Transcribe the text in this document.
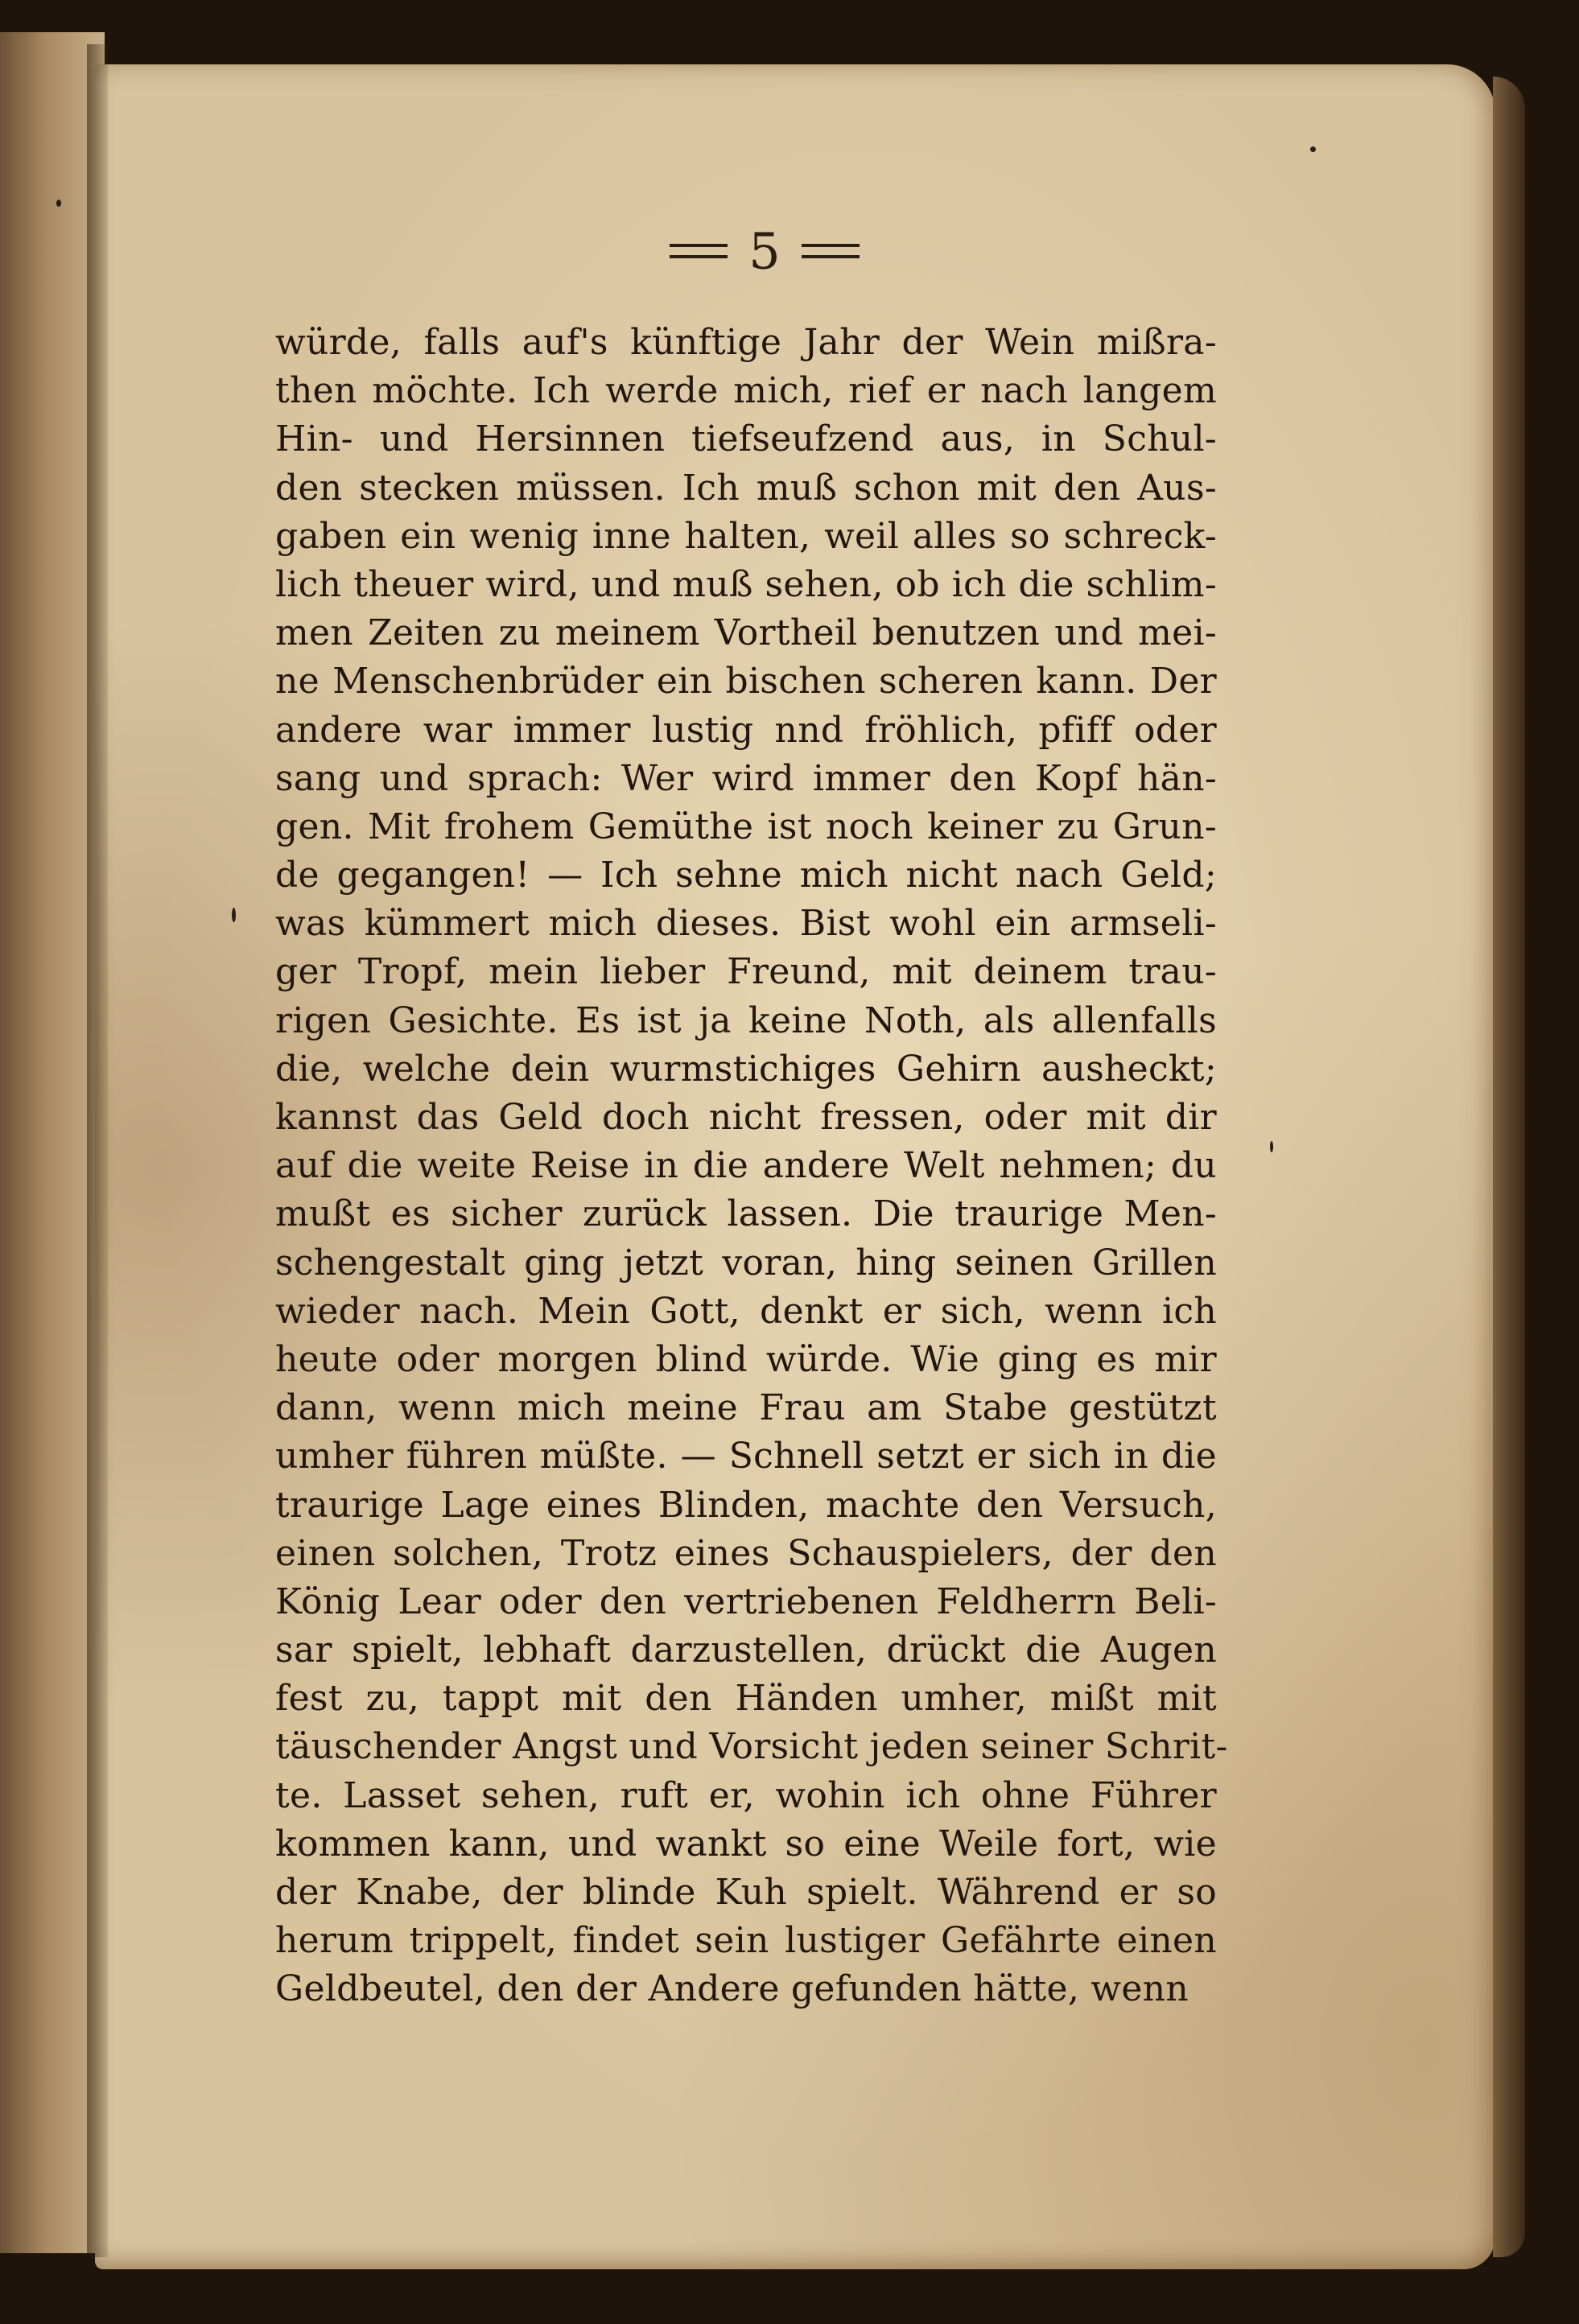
5
würde, falls auf's künftige Jahr der Wein mißra-
then möchte. Ich werde mich, rief er nach langem
Hin- und Hersinnen tiefseufzend aus, in Schul-
den stecken müssen. Ich muß schon mit den Aus-
gaben ein wenig inne halten, weil alles so schreck-
lich theuer wird, und muß sehen, ob ich die schlim-
men Zeiten zu meinem Vortheil benutzen und mei-
ne Menschenbrüder ein bischen scheren kann. Der
andere war immer lustig nnd fröhlich, pfiff oder
sang und sprach: Wer wird immer den Kopf hän-
gen. Mit frohem Gemüthe ist noch keiner zu Grun-
de gegangen! — Ich sehne mich nicht nach Geld;
was kümmert mich dieses. Bist wohl ein armseli-
ger Tropf, mein lieber Freund, mit deinem trau-
rigen Gesichte. Es ist ja keine Noth, als allenfalls
die, welche dein wurmstichiges Gehirn ausheckt;
kannst das Geld doch nicht fressen, oder mit dir
auf die weite Reise in die andere Welt nehmen; du
mußt es sicher zurück lassen. Die traurige Men-
schengestalt ging jetzt voran, hing seinen Grillen
wieder nach. Mein Gott, denkt er sich, wenn ich
heute oder morgen blind würde. Wie ging es mir
dann, wenn mich meine Frau am Stabe gestützt
umher führen müßte. — Schnell setzt er sich in die
traurige Lage eines Blinden, machte den Versuch,
einen solchen, Trotz eines Schauspielers, der den
König Lear oder den vertriebenen Feldherrn Beli-
sar spielt, lebhaft darzustellen, drückt die Augen
fest zu, tappt mit den Händen umher, mißt mit
täuschender Angst und Vorsicht jeden seiner Schrit-
te. Lasset sehen, ruft er, wohin ich ohne Führer
kommen kann, und wankt so eine Weile fort, wie
der Knabe, der blinde Kuh spielt. Während er so
herum trippelt, findet sein lustiger Gefährte einen
Geldbeutel, den der Andere gefunden hätte, wenn
